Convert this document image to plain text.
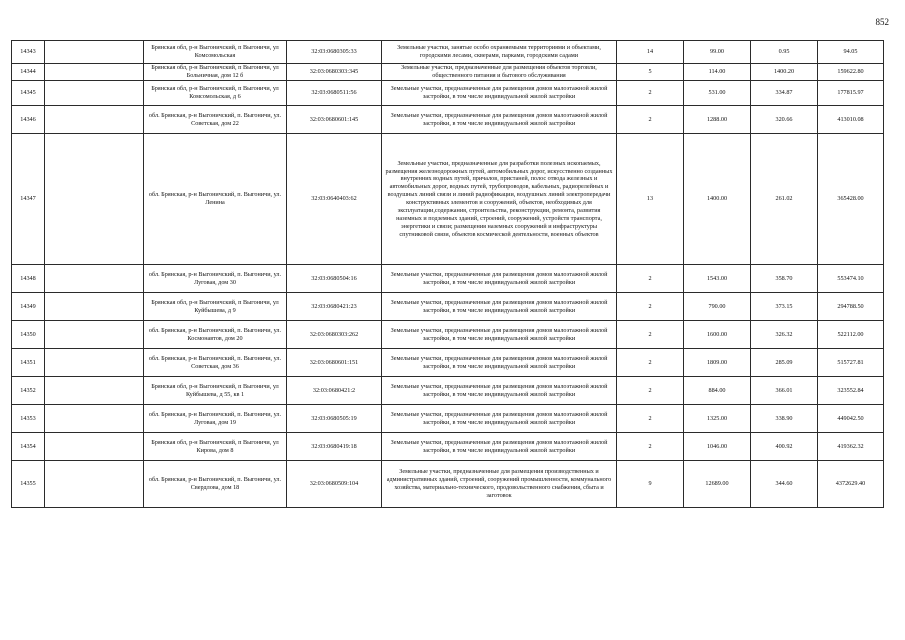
852
14343		Брянская обл, р-н Выгоничский, п Выгоничи, ул Комсомольская	32:03:0680305:33	Земельные участки, занятые особо охраняемыми территориями и объектами, городскими лесами, скверами, парками, городскими садами	14	99.00	0.95	94.05
14344		Брянская обл, р-н Выгоничский, п Выгоничи, ул Больничная, дом 12 б	32:03:0680303:345	Земельные участки, предназначенные для размещения объектов торговли, общественного питания и бытового обслуживания	5	114.00	1400.20	159622.80
14345		Брянская обл, р-н Выгоничский, п Выгоничи, ул Комсомольская, д 6	32:03:0680511:56	Земельные участки, предназначенные для размещения домов малоэтажной жилой застройки, в том числе индивидуальной жилой застройки	2	531.00	334.87	177815.97
14346		обл. Брянская, р-н Выгоничский, п. Выгоничи, ул. Советская, дом 22	32:03:0680601:145	Земельные участки, предназначенные для размещения домов малоэтажной жилой застройки, в том числе индивидуальной жилой застройки	2	1288.00	320.66	413010.08
14347		обл. Брянская, р-н Выгоничский, п. Выгоничи, ул. Ленина	32:03:0640403:62	Земельные участки, предназначенные для разработки полезных ископаемых, размещения железнодорожных путей, автомобильных дорог, искусственно созданных внутренних водных путей, причалов, пристаней, полос отвода железных и автомобильных дорог, водных путей, трубопроводов, кабельных, радиорелейных и воздушных линий связи и линий радиофикации, воздушных линий электропередачи конструктивных элементов и сооружений, объектов, необходимых для эксплуатации,содержания, строительства, реконструкции, ремонта, развития наземных и подземных зданий, строений, сооружений, устройств транспорта, энергетики и связи; размещения наземных сооружений и инфраструктуры спутниковой связи, объектов космической деятельности, военных объектов	13	1400.00	261.02	365428.00
14348		обл. Брянская, р-н Выгоничский, п. Выгоничи, ул. Луговая, дом 30	32:03:0680504:16	Земельные участки, предназначенные для размещения домов малоэтажной жилой застройки, в том числе индивидуальной жилой застройки	2	1543.00	358.70	553474.10
14349		Брянская обл, р-н Выгоничский, п Выгоничи, ул Куйбышева, д 9	32:03:0680421:23	Земельные участки, предназначенные для размещения домов малоэтажной жилой застройки, в том числе индивидуальной жилой застройки	2	790.00	373.15	294788.50
14350		обл. Брянская, р-н Выгоничский, п. Выгоничи, ул. Космонавтов, дом 20	32:03:0680303:262	Земельные участки, предназначенные для размещения домов малоэтажной жилой застройки, в том числе индивидуальной жилой застройки	2	1600.00	326.32	522112.00
14351		обл. Брянская, р-н Выгоничский, п. Выгоничи, ул. Советская, дом 36	32:03:0680601:151	Земельные участки, предназначенные для размещения домов малоэтажной жилой застройки, в том числе индивидуальной жилой застройки	2	1809.00	285.09	515727.81
14352		Брянская обл, р-н Выгоничский, п Выгоничи, ул Куйбышева, д 55, кв 1	32:03:0680421:2	Земельные участки, предназначенные для размещения домов малоэтажной жилой застройки, в том числе индивидуальной жилой застройки	2	884.00	366.01	323552.84
14353		обл. Брянская, р-н Выгоничский, п. Выгоничи, ул. Луговая, дом 19	32:03:0680505:19	Земельные участки, предназначенные для размещения домов малоэтажной жилой застройки, в том числе индивидуальной жилой застройки	2	1325.00	338.90	449042.50
14354		Брянская обл, р-н Выгоничский, п Выгоничи, ул Кирова, дом 8	32:03:0680419:18	Земельные участки, предназначенные для размещения домов малоэтажной жилой застройки, в том числе индивидуальной жилой застройки	2	1046.00	400.92	419362.32
14355		обл. Брянская, р-н Выгоничский, п. Выгоничи, ул. Свердлова, дом 18	32:03:0680509:104	Земельные участки, предназначенные для размещения производственных и административных зданий, строений, сооружений промышленности, коммунального хозяйства, материально-технического, продовольственного снабжения, сбыта и заготовок	9	12689.00	344.60	4372629.40
